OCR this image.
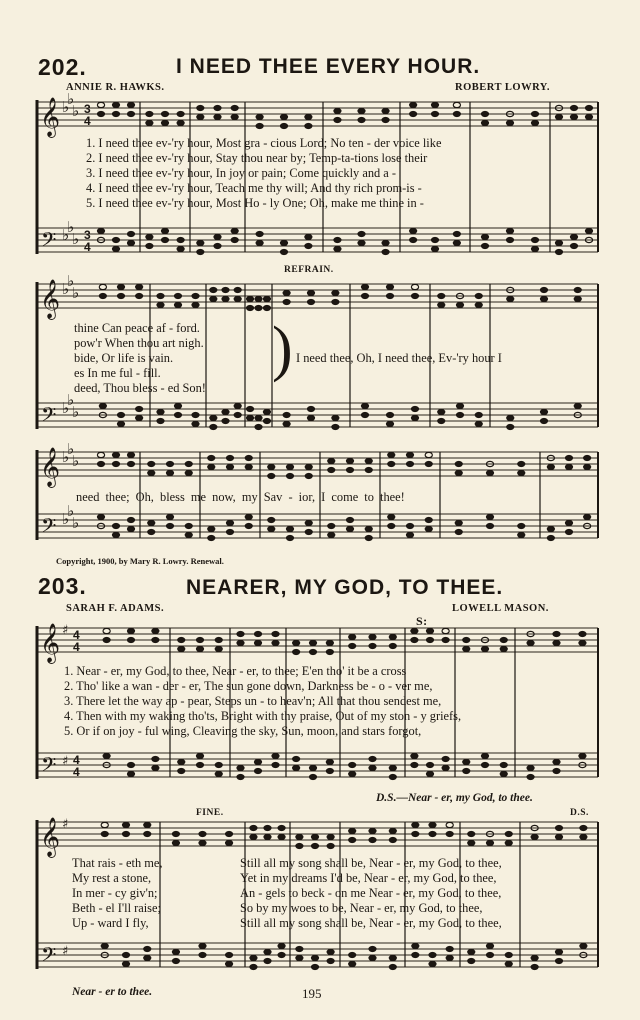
202.	I NEED THEE EVERY HOUR.
ANNIE R. HAWKS.	ROBERT LOWRY.
𝄞
𝄢
𝄞
𝄢
𝄞
𝄢
𝄞
𝄢
𝄞
𝄢
♭
♭
♭
♭
♭
♭
♭
♭
♭
♭
♭
♭
♭
♭
♭
♭
♭
♭
♯
♯
♯
♯
3
4
3
4
4
4
4
4
1. I need thee ev-'ry hour, Most gra - cious Lord; No ten - der voice like
2. I need thee ev-'ry hour, Stay thou near by; Temp-ta-tions lose their
3. I need thee ev-'ry hour, In joy or pain; Come quickly and a -
4. I need thee ev-'ry hour, Teach me thy will; And thy rich prom-is -
5. I need thee ev-'ry hour, Most Ho - ly One; Oh, make me thine in -
REFRAIN.
thine Can peace af - ford.
pow'r When thou art nigh.
bide, Or life is vain.
es In me ful - fill.
deed, Thou bless - ed Son!
) I need thee, Oh, I need thee, Ev-'ry hour I
need thee; Oh, bless me now, my Sav - ior, I come to thee!
Copyright, 1900, by Mary R. Lowry. Renewal.
203.	NEARER, MY GOD, TO THEE.
SARAH F. ADAMS.	LOWELL MASON.
S:
1. Near - er, my God, to thee, Near - er, to thee; E'en tho' it be a cross
2. Tho' like a wan - der - er, The sun gone down, Darkness be - o - ver me,
3. There let the way ap - pear, Steps un - to heav'n; All that thou sendest me,
4. Then with my waking tho'ts, Bright with thy praise, Out of my ston - y griefs,
5. Or if on joy - ful wing, Cleaving the sky, Sun, moon, and stars forgot,
D.S.—Near - er, my God, to thee.
FINE.	D.S.
That rais - eth me,
My rest a stone,
In mer - cy giv'n;
Beth - el I'll raise;
Up - ward I fly,
Still all my song shall be, Near - er, my God, to thee,
Yet in my dreams I'd be, Near - er, my God, to thee,
An - gels to beck - on me Near - er, my God, to thee,
So by my woes to be, Near - er, my God, to thee,
Still all my song shall be, Near - er, my God, to thee,
Near - er to thee.	195
